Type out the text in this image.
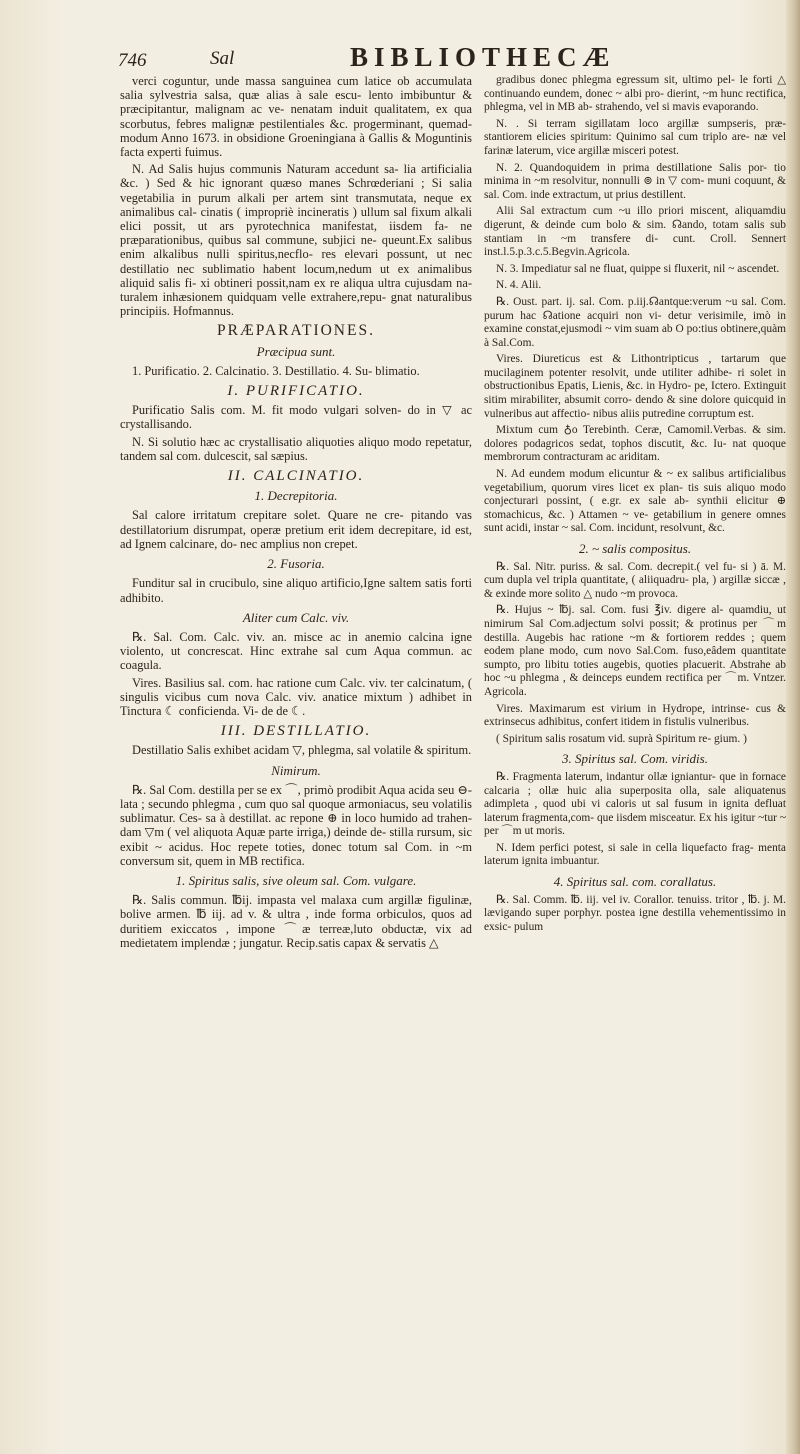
746	Sal	BIBLIOTHECÆ

verci coguntur, unde massa sanguinea cum latice ob accumulata salia sylvestria salsa, quæ alias à sale escu- lento imbibuntur & præcipitantur, malignam ac ve- nenatam induit qualitatem, ex qua scorbutus, febres malignæ pestilentiales &c. progerminant, quemad- modum Anno 1673. in obsidione Groeningiana à Gallis & Moguntinis facta experti fuimus.

N. Ad Salis hujus communis Naturam accedunt sa- lia artificialia &c. ) Sed & hic ignorant quæso manes Schrœderiani ; Si salia vegetabilia in purum alkali per artem sint transmutata, neque ex animalibus cal- cinatis ( impropriè incineratis ) ullum sal fixum alkali elici possit, ut ars pyrotechnica manifestat, iisdem fa- ne præparationibus, quibus sal commune, subjici ne- queunt.Ex salibus enim alkalibus nulli spiritus,necflo- res elevari possunt, ut nec destillatio nec sublimatio habent locum,nedum ut ex animalibus aliquid salis fi- xi obtineri possit,nam ex re aliqua ultra cujusdam na- turalem inhæsionem quidquam velle extrahere,repu- gnat naturalibus principiis. Hofmannus.

PRÆPARATIONES.
Præcipua sunt.

1. Purificatio. 2. Calcinatio. 3. Destillatio. 4. Su- blimatio.

I. PURIFICATIO.

Purificatio Salis com. M. fit modo vulgari solven- do in ▽ ac crystallisando.

N. Si solutio hæc ac crystallisatio aliquoties aliquo modo repetatur, tandem sal com. dulcescit, sal sæpius.

II. CALCINATIO.
1. Decrepitoria.

Sal calore irritatum crepitare solet. Quare ne cre- pitando vas destillatorium disrumpat, operæ pretium erit idem decrepitare, id est, ad Ignem calcinare, do- nec amplius non crepet.

2. Fusoria.

Funditur sal in crucibulo, sine aliquo artificio,Igne saltem satis forti adhibito.

Aliter cum Calc. viv.

℞. Sal. Com. Calc. viv. an. misce ac in anemio calcina igne violento, ut concrescat. Hinc extrahe sal cum Aqua commun. ac coagula.

Vires. Basilius sal. com. hac ratione cum Calc. viv. ter calcinatum, ( singulis vicibus cum nova Calc. viv. anatice mixtum ) adhibet in Tinctura ☾ conficienda. Vi- de de ☾.

III. DESTILLATIO.

Destillatio Salis exhibet acidam ▽, phlegma, sal volatile & spiritum.

Nimirum.

℞. Sal Com. destilla per se ex ⌒, primò prodibit Aqua acida seu ⊖-lata ; secundo phlegma , cum quo sal quoque armoniacus, seu volatilis sublimatur. Ces- sa à destillat. ac repone ⊕ in loco humido ad trahen- dam ▽m ( vel aliquota Aquæ parte irriga,) deinde de- stilla rursum, sic exibit ~ acidus. Hoc repete toties, donec totum sal Com. in ~m conversum sit, quem in MB rectifica.

1. Spiritus salis, sive oleum sal. Com. vulgare.

℞. Salis commun. ℔ij. impasta vel malaxa cum argillæ figulinæ, bolive armen. ℔ iij. ad v. & ultra , inde forma orbiculos, quos ad duritiem exiccatos , impone ⌒æ terreæ,luto obductæ, vix ad medietatem implendæ ; jungatur. Recip.satis capax & servatis △

gradibus donec phlegma egressum sit, ultimo pel- le forti △ continuando eundem, donec ~ albi pro- dierint, ~m hunc rectifica, phlegma, vel in MB ab- strahendo, vel si mavis evaporando.

N. . Si terram sigillatam loco argillæ sumpseris, præ- stantiorem elicies spiritum: Quinimo sal cum triplo are- næ vel farinæ laterum, vice argillæ misceri potest.

N. 2. Quandoquidem in prima destillatione Salis por- tio minima in ~m resolvitur, nonnulli ⊚ in ▽ com- muni coquunt, & sal. Com. inde extractum, ut prius destillent.

Alii Sal extractum cum ~u illo priori miscent, aliquamdiu digerunt, & deinde cum bolo & sim. ☊ando, totam salis sub stantiam in ~m transfere di- cunt. Croll. Sennert inst.l.5.p.3.c.5.Begvin.Agricola.

N. 3. Impediatur sal ne fluat, quippe si fluxerit, nil ~ ascendet.

N. 4. Alii.

℞. Oust. part. ij. sal. Com. p.iij.☊antque:verum ~u sal. Com. purum hac ☊atione acquiri non vi- detur verisimile, imò in examine constat,ejusmodi ~ vim suam ab O po:tius obtinere,quàm à Sal.Com.

Vires. Diureticus est & Lithontripticus , tartarum que mucilaginem potenter resolvit, unde utiliter adhibe- ri solet in obstructionibus Epatis, Lienis, &c. in Hydro- pe, Ictero. Extinguit sitim mirabiliter, absumit corro- dendo & sine dolore quicquid in vulneribus aut affectio- nibus aliis putredine corruptum est.

Mixtum cum ♁o Terebinth. Ceræ, Camomil.Verbas. & sim. dolores podagricos sedat, tophos discutit, &c. Iu- nat quoque membrorum contracturam ac ariditam.

N. Ad eundem modum elicuntur & ~ ex salibus artificialibus vegetabilium, quorum vires licet ex plan- tis suis aliquo modo conjecturari possint, ( e.gr. ex sale ab- synthii elicitur ⊕ stomachicus, &c. ) Attamen ~ ve- getabilium in genere omnes sunt acidi, instar ~ sal. Com. incidunt, resolvunt, &c.

2. ~ salis compositus.

℞. Sal. Nitr. puriss. & sal. Com. decrepit.( vel fu- si ) ā. M. cum dupla vel tripla quantitate, ( aliiquadru- pla, ) argillæ siccæ , & exinde more solito △ nudo ~m provoca.

℞. Hujus ~ ℔j. sal. Com. fusi ℥iv. digere al- quamdiu, ut nimirum Sal Com.adjectum solvi possit; & protinus per ⌒m destilla. Augebis hac ratione ~m & fortiorem reddes ; quem eodem plane modo, cum novo Sal.Com. fuso,eâdem quantitate sumpto, pro libitu toties augebis, quoties placuerit. Abstrahe ab hoc ~u phlegma , & deinceps eundem rectifica per ⌒m. Vntzer. Agricola.

Vires. Maximarum est virium in Hydrope, intrinse- cus & extrinsecus adhibitus, confert itidem in fistulis vulneribus.

( Spiritum salis rosatum vid. suprà Spiritum re- gium. )

3. Spiritus sal. Com. viridis.

℞. Fragmenta laterum, indantur ollæ igniantur- que in fornace calcaria ; ollæ huic alia superposita olla, sale aliquatenus adimpleta , quod ubi vi caloris ut sal fusum in ignita defluat laterum fragmenta,com- que iisdem misceatur. Ex his igitur ~tur ~ per ⌒m ut moris.

N. Idem perfici potest, si sale in cella liquefacto frag- menta laterum ignita imbuantur.

4. Spiritus sal. com. corallatus.

℞. Sal. Comm. ℔. iij. vel iv. Corallor. tenuiss. tritor , ℔. j. M. lævigando super porphyr. postea igne destilla vehementissimo in exsic- pulum
